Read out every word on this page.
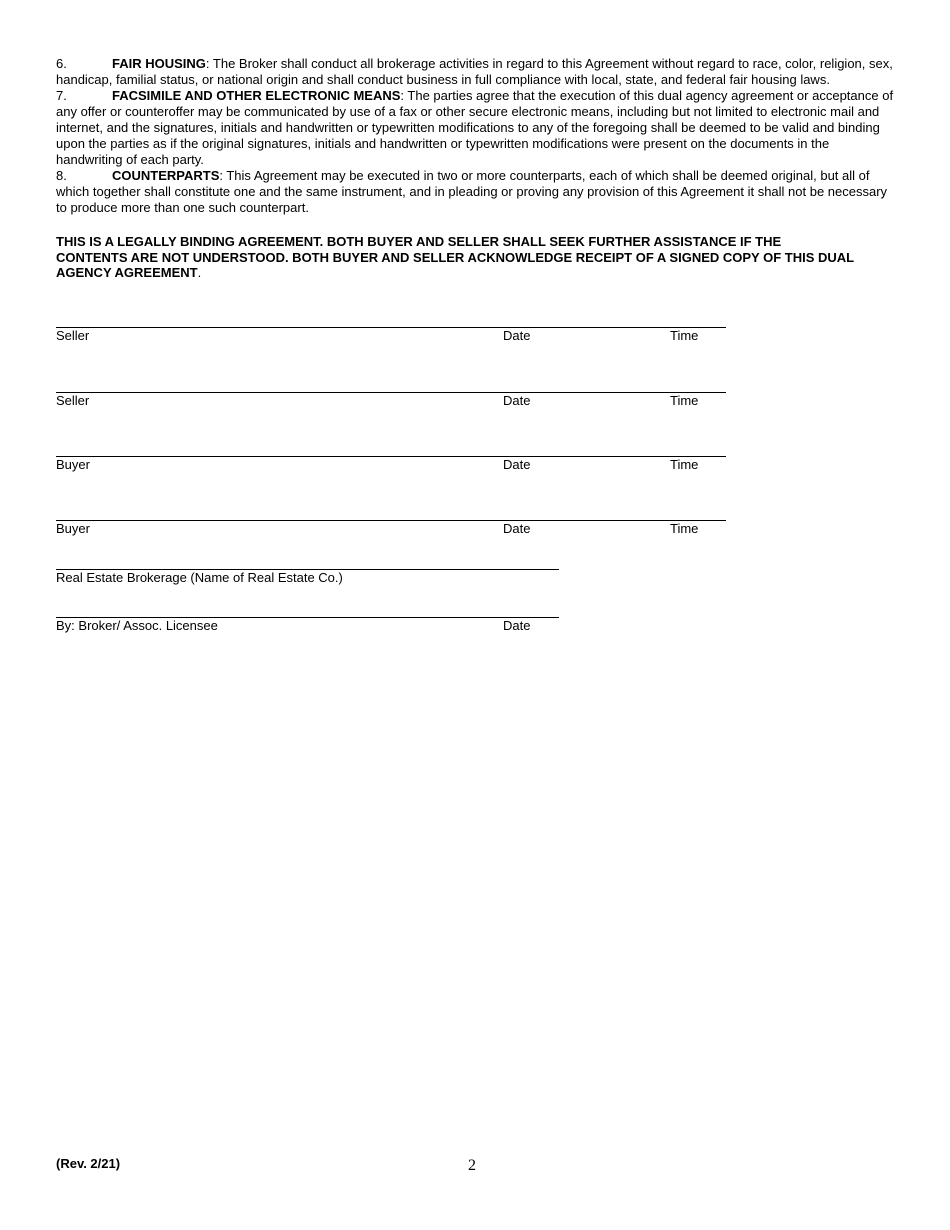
6.	FAIR HOUSING: The Broker shall conduct all brokerage activities in regard to this Agreement without regard to race, color, religion, sex, handicap, familial status, or national origin and shall conduct business in full compliance with local, state, and federal fair housing laws.

7.	FACSIMILE AND OTHER ELECTRONIC MEANS: The parties agree that the execution of this dual agency agreement or acceptance of any offer or counteroffer may be communicated by use of a fax or other secure electronic means, including but not limited to electronic mail and internet, and the signatures, initials and handwritten or typewritten modifications to any of the foregoing shall be deemed to be valid and binding upon the parties as if the original signatures, initials and handwritten or typewritten modifications were present on the documents in the handwriting of each party.

8.	COUNTERPARTS: This Agreement may be executed in two or more counterparts, each of which shall be deemed original, but all of which together shall constitute one and the same instrument, and in pleading or proving any provision of this Agreement it shall not be necessary to produce more than one such counterpart.

THIS IS A LEGALLY BINDING AGREEMENT. BOTH BUYER AND SELLER SHALL SEEK FURTHER ASSISTANCE IF THE CONTENTS ARE NOT UNDERSTOOD. BOTH BUYER AND SELLER ACKNOWLEDGE RECEIPT OF A SIGNED COPY OF THIS DUAL AGENCY AGREEMENT.

Seller	Date	Time
Seller	Date	Time
Buyer	Date	Time
Buyer	Date	Time
Real Estate Brokerage (Name of Real Estate Co.)
By: Broker/ Assoc. Licensee	Date
(Rev. 2/21)	2
